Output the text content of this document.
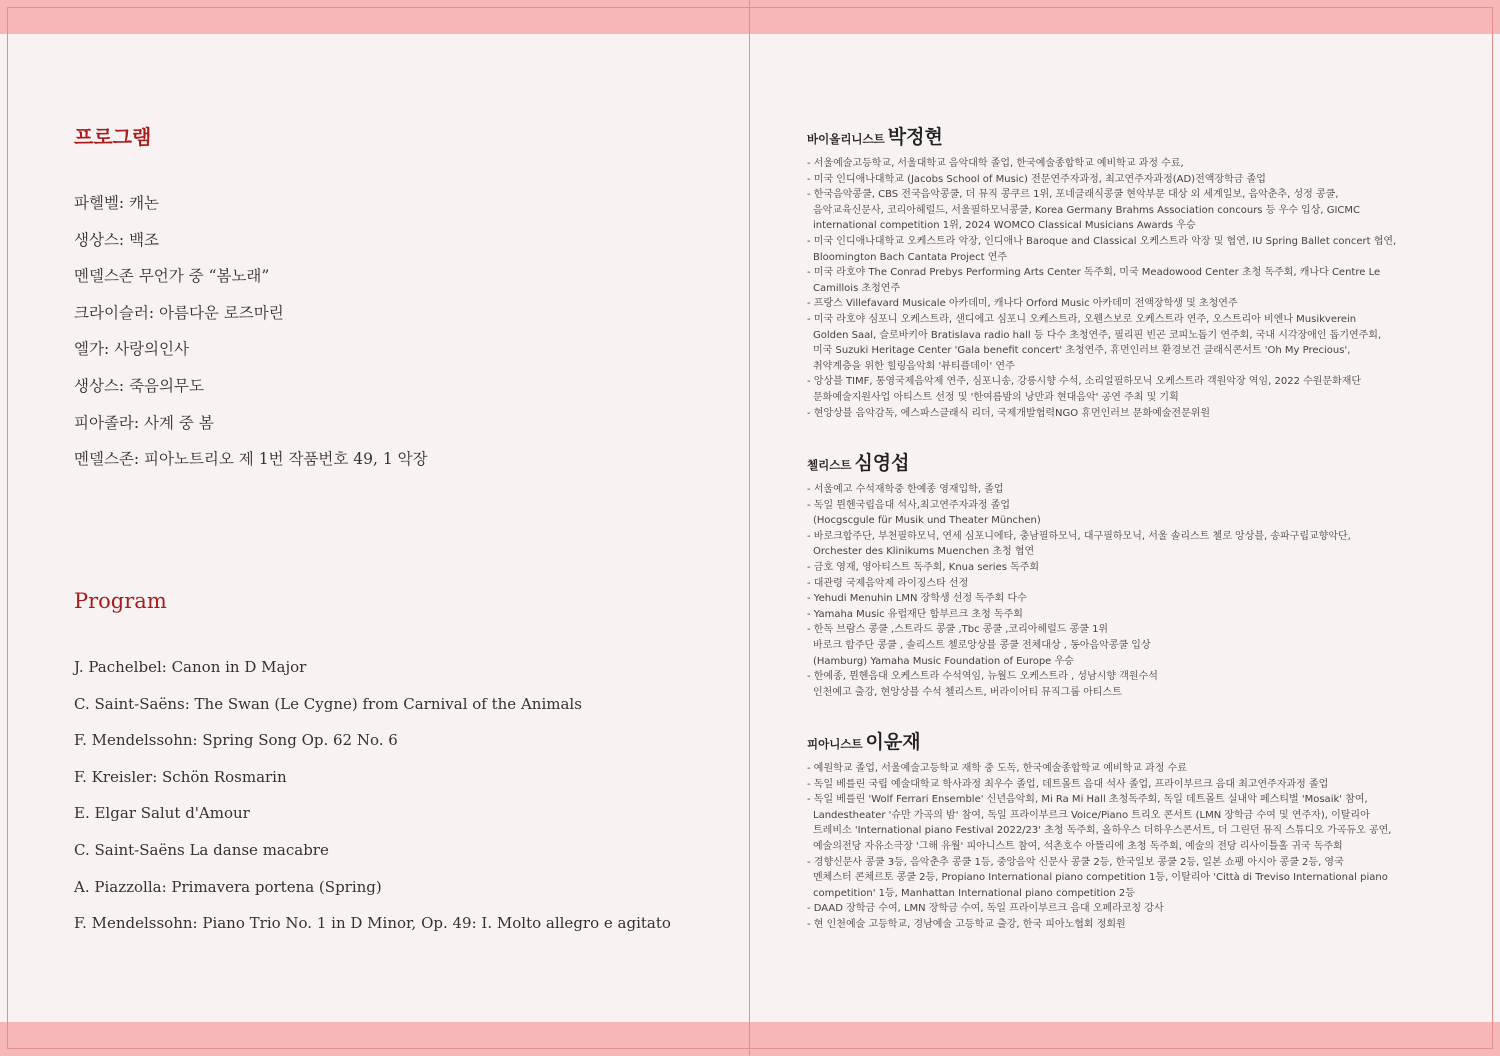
프로그램
파헬벨: 캐논
생상스: 백조
멘델스존 무언가 중 “봄노래”
크라이슬러: 아름다운 로즈마린
엘가: 사랑의인사
생상스: 죽음의무도
피아졸라: 사계 중 봄
멘델스존: 피아노트리오 제 1번 작품번호 49, 1 악장
Program
J. Pachelbel: Canon in D Major
C. Saint-Saëns: The Swan (Le Cygne) from Carnival of the Animals
F. Mendelssohn: Spring Song Op. 62 No. 6
F. Kreisler: Schön Rosmarin
E. Elgar Salut d'Amour
C. Saint-Saëns La danse macabre
A. Piazzolla: Primavera portena (Spring)
F. Mendelssohn: Piano Trio No. 1 in D Minor, Op. 49: I. Molto allegro e agitato
바이올리니스트 박정현
- 서울예술고등학교, 서울대학교 음악대학 졸업, 한국예술종합학교 예비학교 과정 수료,
- 미국 인디애나대학교 (Jacobs School of Music) 전문연주자과정, 최고연주자과정(AD)전액장학금 졸업
- 한국음악콩쿨, CBS 전국음악콩쿨, 더 뮤직 콩쿠르 1위, 포네클래식콩쿨 현악부문 대상 외 세계일보, 음악춘추, 성정 콩쿨,
음악교육신문사, 코리아헤럴드, 서울필하모닉콩쿨, Korea Germany Brahms Association concours 등 우수 입상, GICMC
international competition 1위, 2024 WOMCO Classical Musicians Awards 우승
- 미국 인디애나대학교 오케스트라 악장, 인디애나 Baroque and Classical 오케스트라 악장 및 협연, IU Spring Ballet concert 협연,
Bloomington Bach Cantata Project 연주
- 미국 라호야 The Conrad Prebys Performing Arts Center 독주회, 미국 Meadowood Center 초청 독주회, 캐나다 Centre Le
Camillois 초청연주
- 프랑스 Villefavard Musicale 아카데미, 캐나다 Orford Music 아카데미 전액장학생 및 초청연주
- 미국 라호야 심포니 오케스트라, 샌디에고 심포니 오케스트라, 오웬스보로 오케스트라 연주, 오스트리아 비엔나 Musikverein
Golden Saal, 슬로바키아 Bratislava radio hall 등 다수 초청연주, 필리핀 빈곤 코피노돕기 연주회, 국내 시각장애인 돕기연주회,
미국 Suzuki Heritage Center 'Gala benefit concert' 초청연주, 휴먼인러브 환경보건 클래식콘서트 'Oh My Precious',
취약계층을 위한 힐링음악회 '뷰티플데이' 연주
- 앙상블 TIMF, 통영국제음악제 연주, 심포니송, 강릉시향 수석, 소리얼필하모닉 오케스트라 객원악장 역임, 2022 수원문화재단
문화예술지원사업 아티스트 선정 및 '한여름밤의 낭만과 현대음악' 공연 주최 및 기획
- 현앙상블 음악감독, 에스파스클래식 리더, 국제개발협력NGO 휴먼인러브 문화예술전문위원
첼리스트 심영섭
- 서울예고 수석재학중 한예종 영재입학, 졸업
- 독일 뮌헨국립음대 석사,최고연주자과정 졸업
(Hocgscgule für Musik und Theater München)
- 바로크합주단, 부천필하모닉, 연세 심포니에타, 충남필하모닉, 대구필하모닉, 서울 솔리스트 첼로 앙상블, 송파구립교향악단,
Orchester des Klinikums Muenchen 초청 협연
- 금호 영재, 영아티스트 독주회, Knua series 독주회
- 대관령 국제음악제 라이징스타 선정
- Yehudi Menuhin LMN 장학생 선정 독주회 다수
- Yamaha Music 유럽재단 함부르크 초청 독주회
- 한독 브람스 콩쿨 ,스트라드 콩쿨 ,Tbc 콩쿨 ,코리아헤럴드 콩쿨 1위
바로크 합주단 콩쿨 , 솔리스트 첼로앙상블 콩쿨 전체대상 , 동아음악콩쿨 입상
(Hamburg) Yamaha Music Foundation of Europe 우승
- 한예종, 뮌헨음대 오케스트라 수석역임, 뉴월드 오케스트라 , 성남시향 객원수석
인천예고 출강, 현앙상블 수석 첼리스트, 버라이어티 뮤직그룹 아티스트
피아니스트 이윤재
- 예원학교 졸업, 서울예술고등학교 재학 중 도독, 한국예술종합학교 예비학교 과정 수료
- 독일 베를린 국립 예술대학교 학사과정 최우수 졸업, 데트몰트 음대 석사 졸업, 프라이부르크 음대 최고연주자과정 졸업
- 독일 베를린 'Wolf Ferrari Ensemble' 신년음악회, Mi Ra Mi Hall 초청독주회, 독일 데트몰트 실내악 페스티벌 'Mosaik' 참여,
Landestheater '슈만 가곡의 밤' 참여, 독일 프라이부르크 Voice/Piano 트리오 콘서트 (LMN 장학금 수여 및 연주자), 이탈리아
트레비소 'International piano Festival 2022/23' 초청 독주회, 올하우스 더하우스콘서트, 더 그린던 뮤직 스튜디오 가곡듀오 공연,
예술의전당 자유소극장 '그해 유월' 피아니스트 참여, 석촌호수 아뜰리에 초청 독주회, 예술의 전당 리사이틀홀 귀국 독주회
- 경향신문사 콩쿨 3등, 음악춘추 콩쿨 1등, 중앙음악 신문사 콩쿨 2등, 한국일보 콩쿨 2등, 일본 쇼팽 아시아 콩쿨 2등, 영국
멘체스터 콘체르토 콩쿨 2등, Propiano International piano competition 1등, 이탈리아 'Città di Treviso International piano
competition' 1등, Manhattan International piano competition 2등
- DAAD 장학금 수여, LMN 장학금 수여, 독일 프라이부르크 음대 오페라코칭 강사
- 현 인천예술 고등학교, 경남예술 고등학교 출강, 한국 피아노협회 정회원
